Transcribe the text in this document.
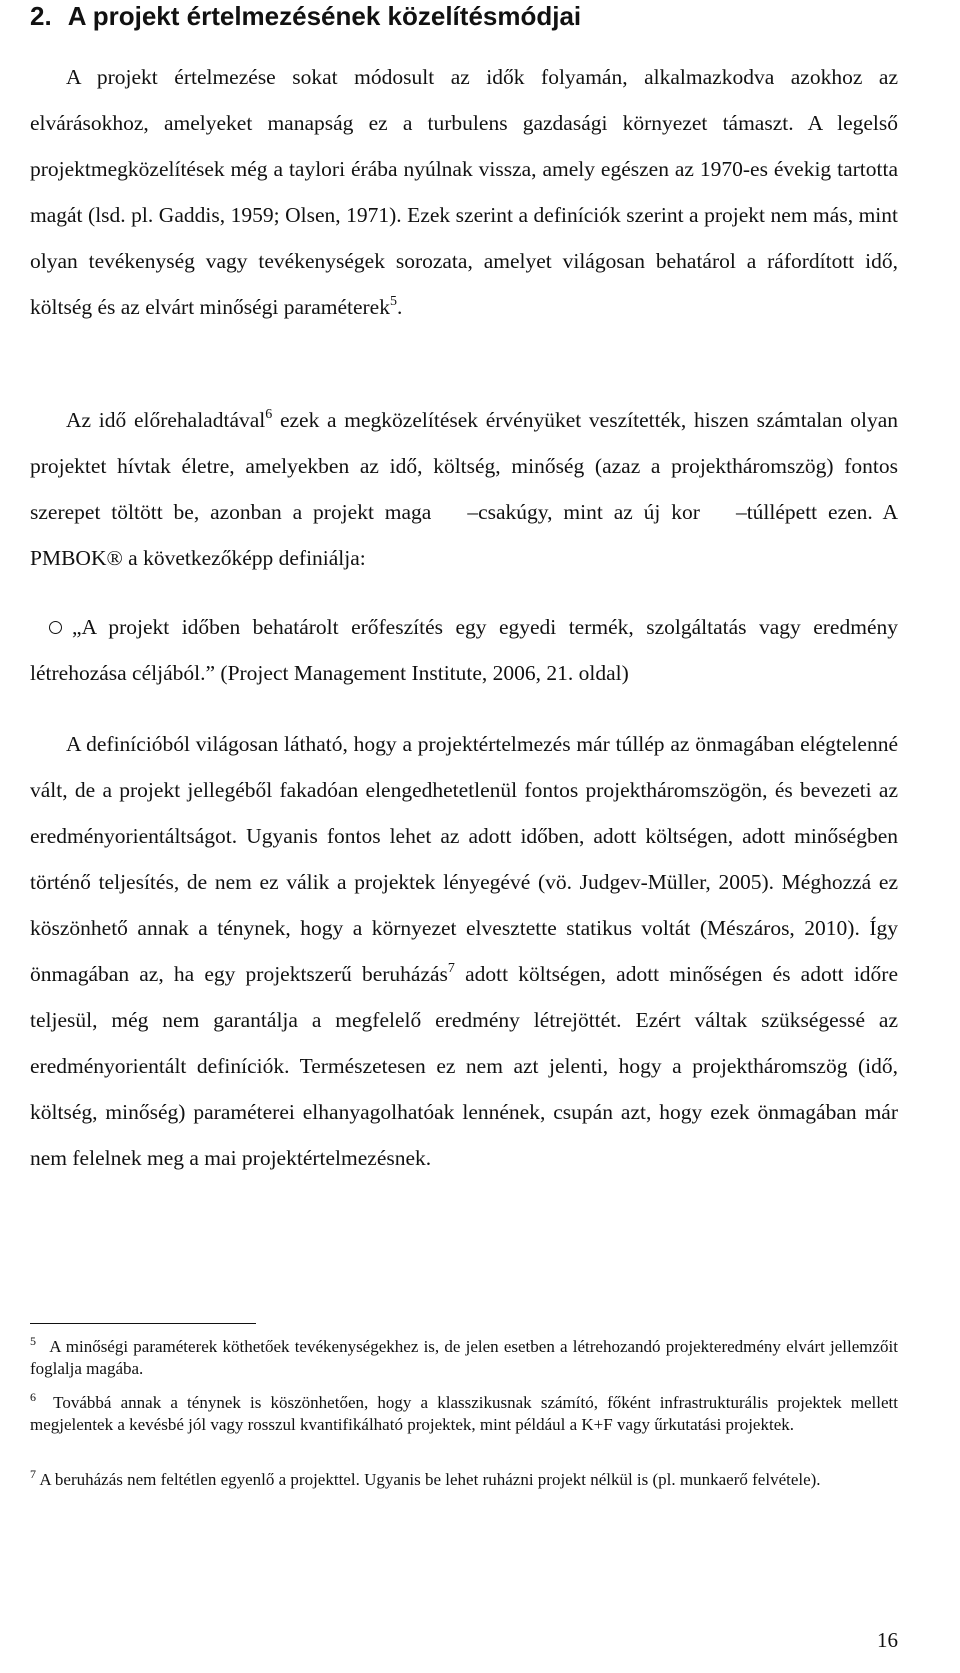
2. A projekt értelmezésének közelítésmódjai

A projekt értelmezése sokat módosult az idők folyamán, alkalmazkodva azokhoz az elvárásokhoz, amelyeket manapság ez a turbulens gazdasági környezet támaszt. A legelső projektmegközelítések még a taylori érába nyúlnak vissza, amely egészen az 1970-es évekig tartotta magát (lsd. pl. Gaddis, 1959; Olsen, 1971). Ezek szerint a definíciók szerint a projekt nem más, mint olyan tevékenység vagy tevékenységek sorozata, amelyet világosan behatárol a ráfordított idő, költség és az elvárt minőségi paraméterek$^5$.

Az idő előrehaladtával$^6$ ezek a megközelítések érvényüket veszítették, hiszen számtalan olyan projektet hívtak életre, amelyekben az idő, költség, minőség (azaz a projektháromszög) fontos szerepet töltött be, azonban a projekt maga–csakúgy, mint az új kor–túllépett ezen. A PMBOK® a következőképp definiálja:

„A projekt időben behatárolt erőfeszítés egy egyedi termék, szolgáltatás vagy eredmény létrehozása céljából.” (Project Management Institute, 2006, 21. oldal)

A definícióból világosan látható, hogy a projektértelmezés már túllép az önmagában elégtelenné vált, de a projekt jellegéből fakadóan elengedhetetlenül fontos projektháromszögön, és bevezeti az eredményorientáltságot. Ugyanis fontos lehet az adott időben, adott költségen, adott minőségben történő teljesítés, de nem ez válik a projektek lényegévé (vö. Judgev-Müller, 2005). Méghozzá ez köszönhető annak a ténynek, hogy a környezet elvesztette statikus voltát (Mészáros, 2010). Így önmagában az, ha egy projektszerű beruházás$^7$ adott költségen, adott minőségen és adott időre teljesül, még nem garantálja a megfelelő eredmény létrejöttét. Ezért váltak szükségessé az eredményorientált definíciók. Természetesen ez nem azt jelenti, hogy a projektháromszög (idő, költség, minőség) paraméterei elhanyagolhatóak lennének, csupán azt, hogy ezek önmagában már nem felelnek meg a mai projektértelmezésnek.

$^5$ A minőségi paraméterek köthetőek tevékenységekhez is, de jelen esetben a létrehozandó projekteredmény elvárt jellemzőit foglalja magába.

$^6$ Továbbá annak a ténynek is köszönhetően, hogy a klasszikusnak számító, főként infrastrukturális projektek mellett megjelentek a kevésbé jól vagy rosszul kvantifikálható projektek, mint például a K+F vagy űrkutatási projektek.

$^7$ A beruházás nem feltétlen egyenlő a projekttel. Ugyanis be lehet ruházni projekt nélkül is (pl. munkaerő felvétele).

16
